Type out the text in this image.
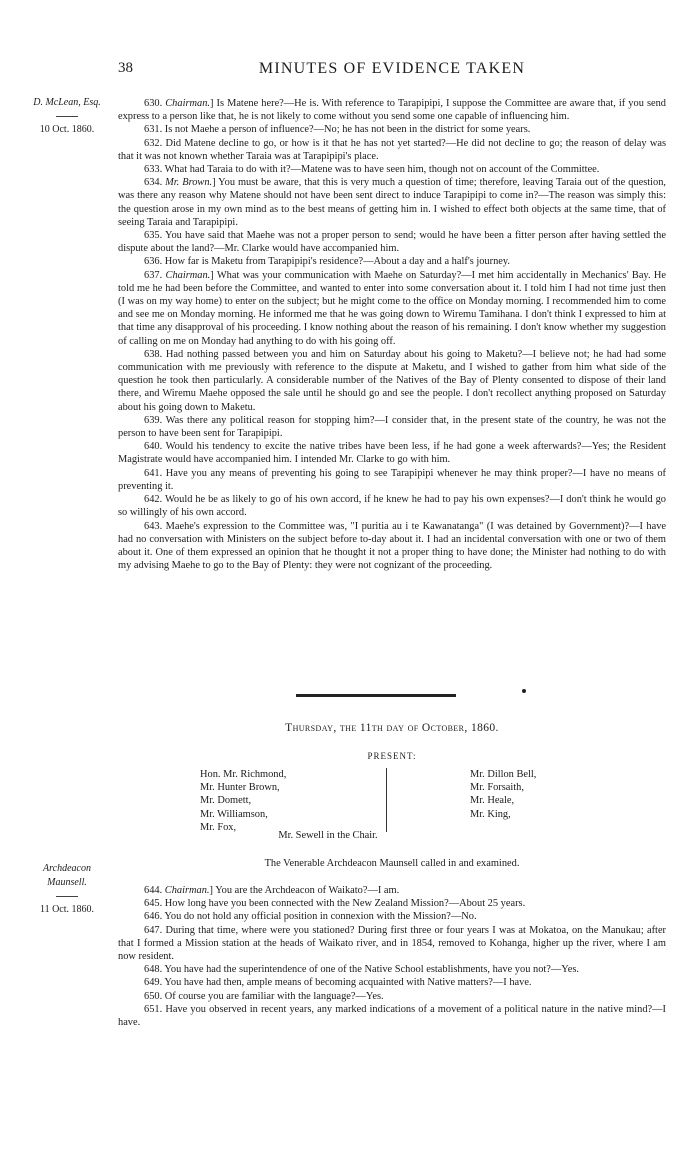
38	MINUTES OF EVIDENCE TAKEN
D. McLean, Esq.
10 Oct. 1860.

630. Chairman.] Is Matene here?—He is. With reference to Tarapipipi, I suppose the Committee are aware that, if you send express to a person like that, he is not likely to come without you send some one capable of influencing him.

631. Is not Maehe a person of influence?—No; he has not been in the district for some years.

632. Did Matene decline to go, or how is it that he has not yet started?—He did not decline to go; the reason of delay was that it was not known whether Taraia was at Tarapipipi's place.

633. What had Taraia to do with it?—Matene was to have seen him, though not on account of the Committee.

634. Mr. Brown.] You must be aware, that this is very much a question of time; therefore, leaving Taraia out of the question, was there any reason why Matene should not have been sent direct to induce Tarapipipi to come in?—The reason was simply this: the question arose in my own mind as to the best means of getting him in. I wished to effect both objects at the same time, that of seeing Taraia and Tarapipipi.

635. You have said that Maehe was not a proper person to send; would he have been a fitter person after having settled the dispute about the land?—Mr. Clarke would have accompanied him.

636. How far is Maketu from Tarapipipi's residence?—About a day and a half's journey.

637. Chairman.] What was your communication with Maehe on Saturday?—I met him accidentally in Mechanics' Bay. He told me he had been before the Committee, and wanted to enter into some conversation about it. I told him I had not time just then (I was on my way home) to enter on the subject; but he might come to the office on Monday morning. I recommended him to come and see me on Monday morning. He informed me that he was going down to Wiremu Tamihana. I don't think I expressed to him at that time any disapproval of his proceeding. I know nothing about the reason of his remaining. I don't know whether my suggestion of calling on me on Monday had anything to do with his going off.

638. Had nothing passed between you and him on Saturday about his going to Maketu?—I believe not; he had had some communication with me previously with reference to the dispute at Maketu, and I wished to gather from him what side of the question he took then particularly. A considerable number of the Natives of the Bay of Plenty consented to dispose of their land there, and Wiremu Maehe opposed the sale until he should go and see the people. I don't recollect anything proposed on Saturday about his going down to Maketu.

639. Was there any political reason for stopping him?—I consider that, in the present state of the country, he was not the person to have been sent for Tarapipipi.

640. Would his tendency to excite the native tribes have been less, if he had gone a week afterwards?—Yes; the Resident Magistrate would have accompanied him. I intended Mr. Clarke to go with him.

641. Have you any means of preventing his going to see Tarapipipi whenever he may think proper?—I have no means of preventing it.

642. Would he be as likely to go of his own accord, if he knew he had to pay his own expenses?—I don't think he would go so willingly of his own accord.

643. Maehe's expression to the Committee was, "I puritia au i te Kawanatanga" (I was detained by Government)?—I have had no conversation with Ministers on the subject before to-day about it. I had an incidental conversation with one or two of them about it. One of them expressed an opinion that he thought it not a proper thing to have done; the Minister had nothing to do with my advising Maehe to go to the Bay of Plenty: they were not cognizant of the proceeding.

Thursday, the 11th day of October, 1860.
PRESENT:
Hon. Mr. Richmond,
Mr. Hunter Brown,
Mr. Domett,
Mr. Williamson,
Mr. Fox,
Mr. Dillon Bell,
Mr. Forsaith,
Mr. Heale,
Mr. King,
Mr. Sewell in the Chair.
Archdeacon Maunsell.
11 Oct. 1860.
The Venerable Archdeacon Maunsell called in and examined.

644. Chairman.] You are the Archdeacon of Waikato?—I am.

645. How long have you been connected with the New Zealand Mission?—About 25 years.

646. You do not hold any official position in connexion with the Mission?—No.

647. During that time, where were you stationed? During first three or four years I was at Mokatoa, on the Manukau; after that I formed a Mission station at the heads of Waikato river, and in 1854, removed to Kohanga, higher up the river, where I am now resident.

648. You have had the superintendence of one of the Native School establishments, have you not?—Yes.

649. You have had then, ample means of becoming acquainted with Native matters?—I have.

650. Of course you are familiar with the language?—Yes.

651. Have you observed in recent years, any marked indications of a movement of a political nature in the native mind?—I have.
